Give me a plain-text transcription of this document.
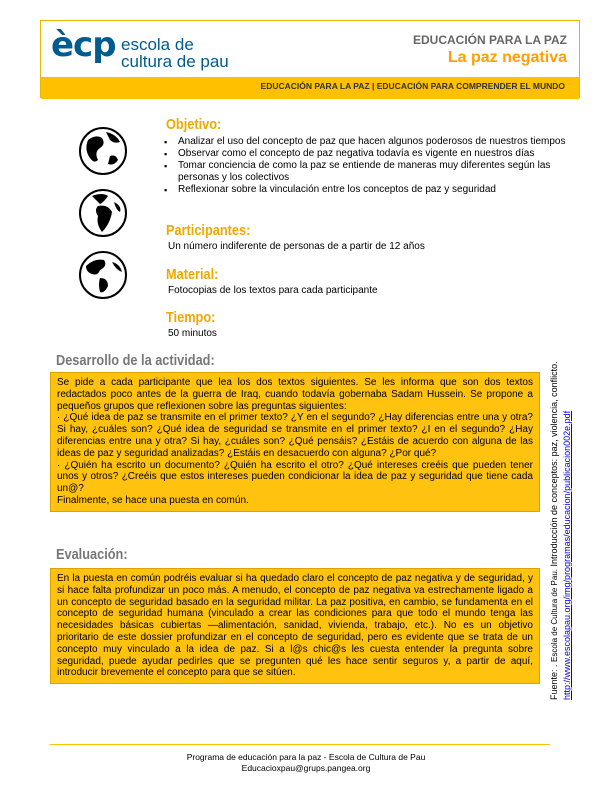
ècp escola de
cultura de pau
EDUCACIÓN PARA LA PAZ
La paz negativa
EDUCACIÓN PARA LA PAZ | EDUCACIÓN PARA COMPRENDER EL MUNDO
Objetivo:
▪ Analizar el uso del concepto de paz que hacen algunos poderosos de nuestros tiempos
▪ Observar como el concepto de paz negativa todavía es vigente en nuestros días
▪ Tomar conciencia de como la paz se entiende de maneras muy diferentes según las personas y los colectivos
▪ Reflexionar sobre la vinculación entre los conceptos de paz y seguridad
Participantes:
Un número indiferente de personas de a partir de 12 años
Material:
Fotocopias de los textos para cada participante
Tiempo:
50 minutos
Desarrollo de la actividad:

Se pide a cada participante que lea los dos textos siguientes. Se les informa que son dos textos redactados poco antes de la guerra de Iraq, cuando todavía gobernaba Sadam Hussein. Se propone a pequeños grupos que reflexionen sobre las preguntas siguientes:

· ¿Qué idea de paz se transmite en el primer texto? ¿Y en el segundo? ¿Hay diferencias entre una y otra? Si hay, ¿cuáles son? ¿Qué idea de seguridad se transmite en el primer texto? ¿I en el segundo? ¿Hay diferencias entre una y otra? Si hay, ¿cuáles son? ¿Qué pensáis? ¿Estáis de acuerdo con alguna de las ideas de paz y seguridad analizadas? ¿Estáis en desacuerdo con alguna? ¿Por qué?

· ¿Quién ha escrito un documento? ¿Quién ha escrito el otro? ¿Qué intereses creéis que pueden tener unos y otros? ¿Creéis que estos intereses pueden condicionar la idea de paz y seguridad que tiene cada un@?

Finalmente, se hace una puesta en común.

Evaluación:

En la puesta en común podréis evaluar si ha quedado claro el concepto de paz negativa y de seguridad, y si hace falta profundizar un poco más. A menudo, el concepto de paz negativa va estrechamente ligado a un concepto de seguridad basado en la seguridad militar. La paz positiva, en cambio, se fundamenta en el concepto de seguridad humana (vinculado a crear las condiciones para que todo el mundo tenga las necesidades básicas cubiertas —alimentación, sanidad, vivienda, trabajo, etc.). No es un objetivo prioritario de este dossier profundizar en el concepto de seguridad, pero es evidente que se trata de un concepto muy vinculado a la idea de paz. Si a l@s chic@s les cuesta entender la pregunta sobre seguridad, puede ayudar pedirles que se pregunten qué les hace sentir seguros y, a partir de aquí, introducir brevemente el concepto para que se sitúen.	Fuente: . Escola de Cultura de Pau. Introducción de conceptos: paz, violencia, conflicto. http://www.escolapau.org/img/programas/educacion/publicacion002e.pdf
Programa de educación para la paz - Escola de Cultura de Pau
Educacioxpau@grups.pangea.org
